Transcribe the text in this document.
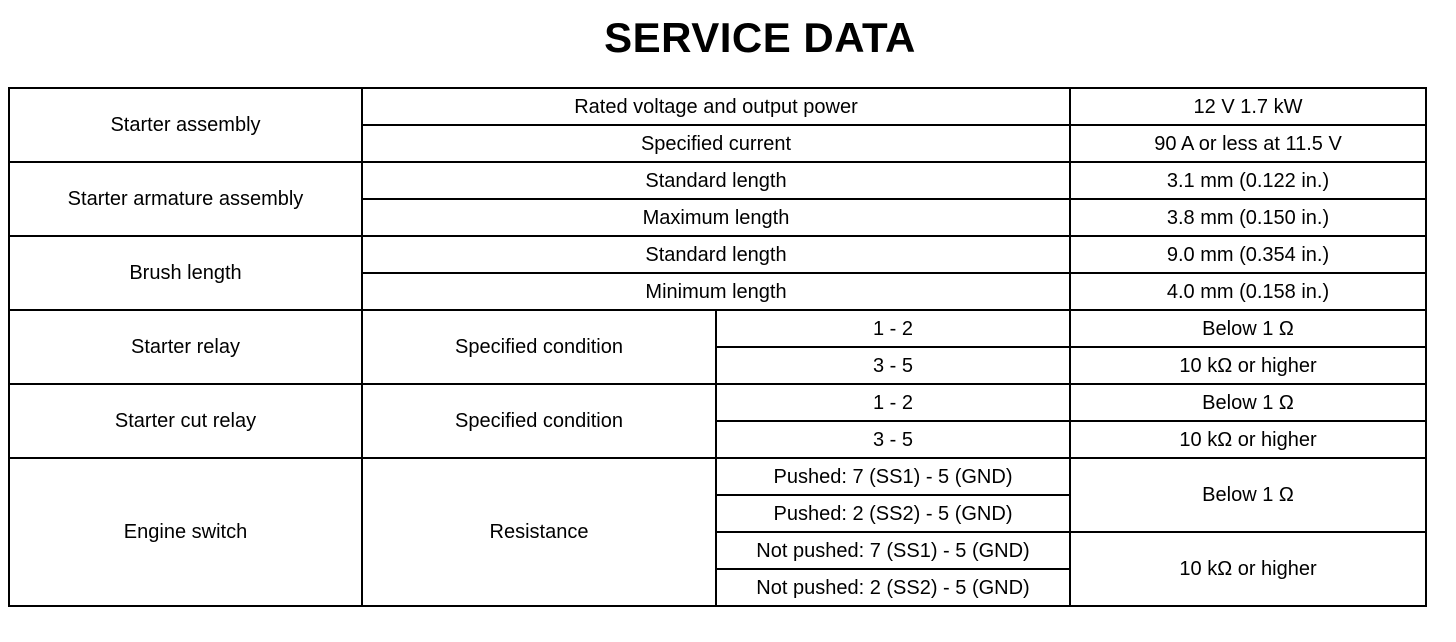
SERVICE DATA
Starter assembly	Rated voltage and output power		12 V 1.7 kW
	Specified current		90 A or less at 11.5 V
Starter armature assembly	Standard length		3.1 mm (0.122 in.)
	Maximum length		3.8 mm (0.150 in.)
Brush length	Standard length		9.0 mm (0.354 in.)
	Minimum length		4.0 mm (0.158 in.)
Starter relay	Specified condition	1 - 2	Below 1 Ω
		3 - 5	10 kΩ or higher
Starter cut relay	Specified condition	1 - 2	Below 1 Ω
		3 - 5	10 kΩ or higher
Engine switch	Resistance	Pushed: 7 (SS1) - 5 (GND)	Below 1 Ω
		Pushed: 2 (SS2) - 5 (GND)	
		Not pushed: 7 (SS1) - 5 (GND)	10 kΩ or higher
		Not pushed: 2 (SS2) - 5 (GND)	
